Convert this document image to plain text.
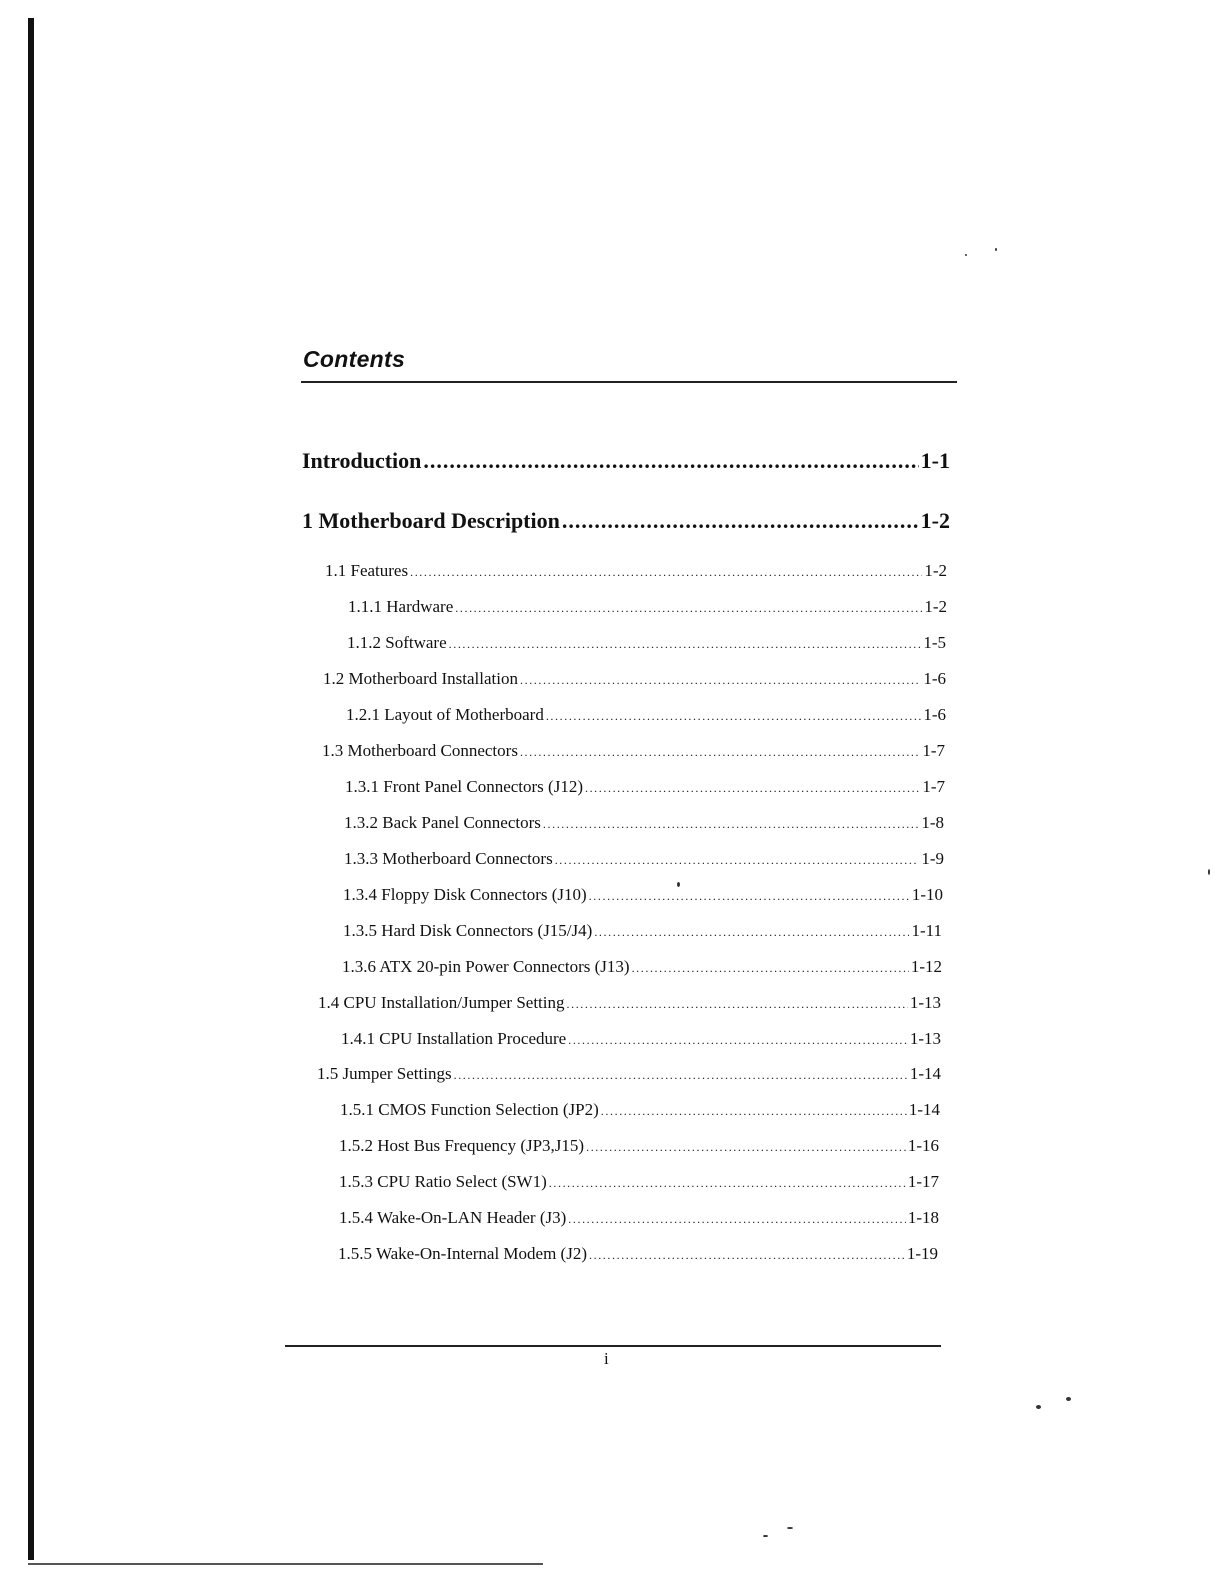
Contents
Introduction .....	1-1
1 Motherboard Description .....	1-2
1.1 Features .....	1-2
1.1.1 Hardware .....	1-2
1.1.2 Software .....	1-5
1.2 Motherboard Installation .....	1-6
1.2.1 Layout of Motherboard .....	1-6
1.3 Motherboard Connectors .....	1-7
1.3.1 Front Panel Connectors (J12) .....	1-7
1.3.2 Back Panel Connectors .....	1-8
1.3.3 Motherboard Connectors .....	1-9
1.3.4 Floppy Disk Connectors (J10) .....	1-10
1.3.5 Hard Disk Connectors (J15/J4) .....	1-11
1.3.6 ATX 20-pin Power Connectors (J13) .....	1-12
1.4 CPU Installation/Jumper Setting .....	1-13
1.4.1 CPU Installation Procedure .....	1-13
1.5 Jumper Settings .....	1-14
1.5.1 CMOS Function Selection (JP2) .....	1-14
1.5.2 Host Bus Frequency (JP3,J15) .....	1-16
1.5.3 CPU Ratio Select (SW1) .....	1-17
1.5.4 Wake-On-LAN Header (J3) .....	1-18
1.5.5 Wake-On-Internal Modem (J2) .....	1-19
i
